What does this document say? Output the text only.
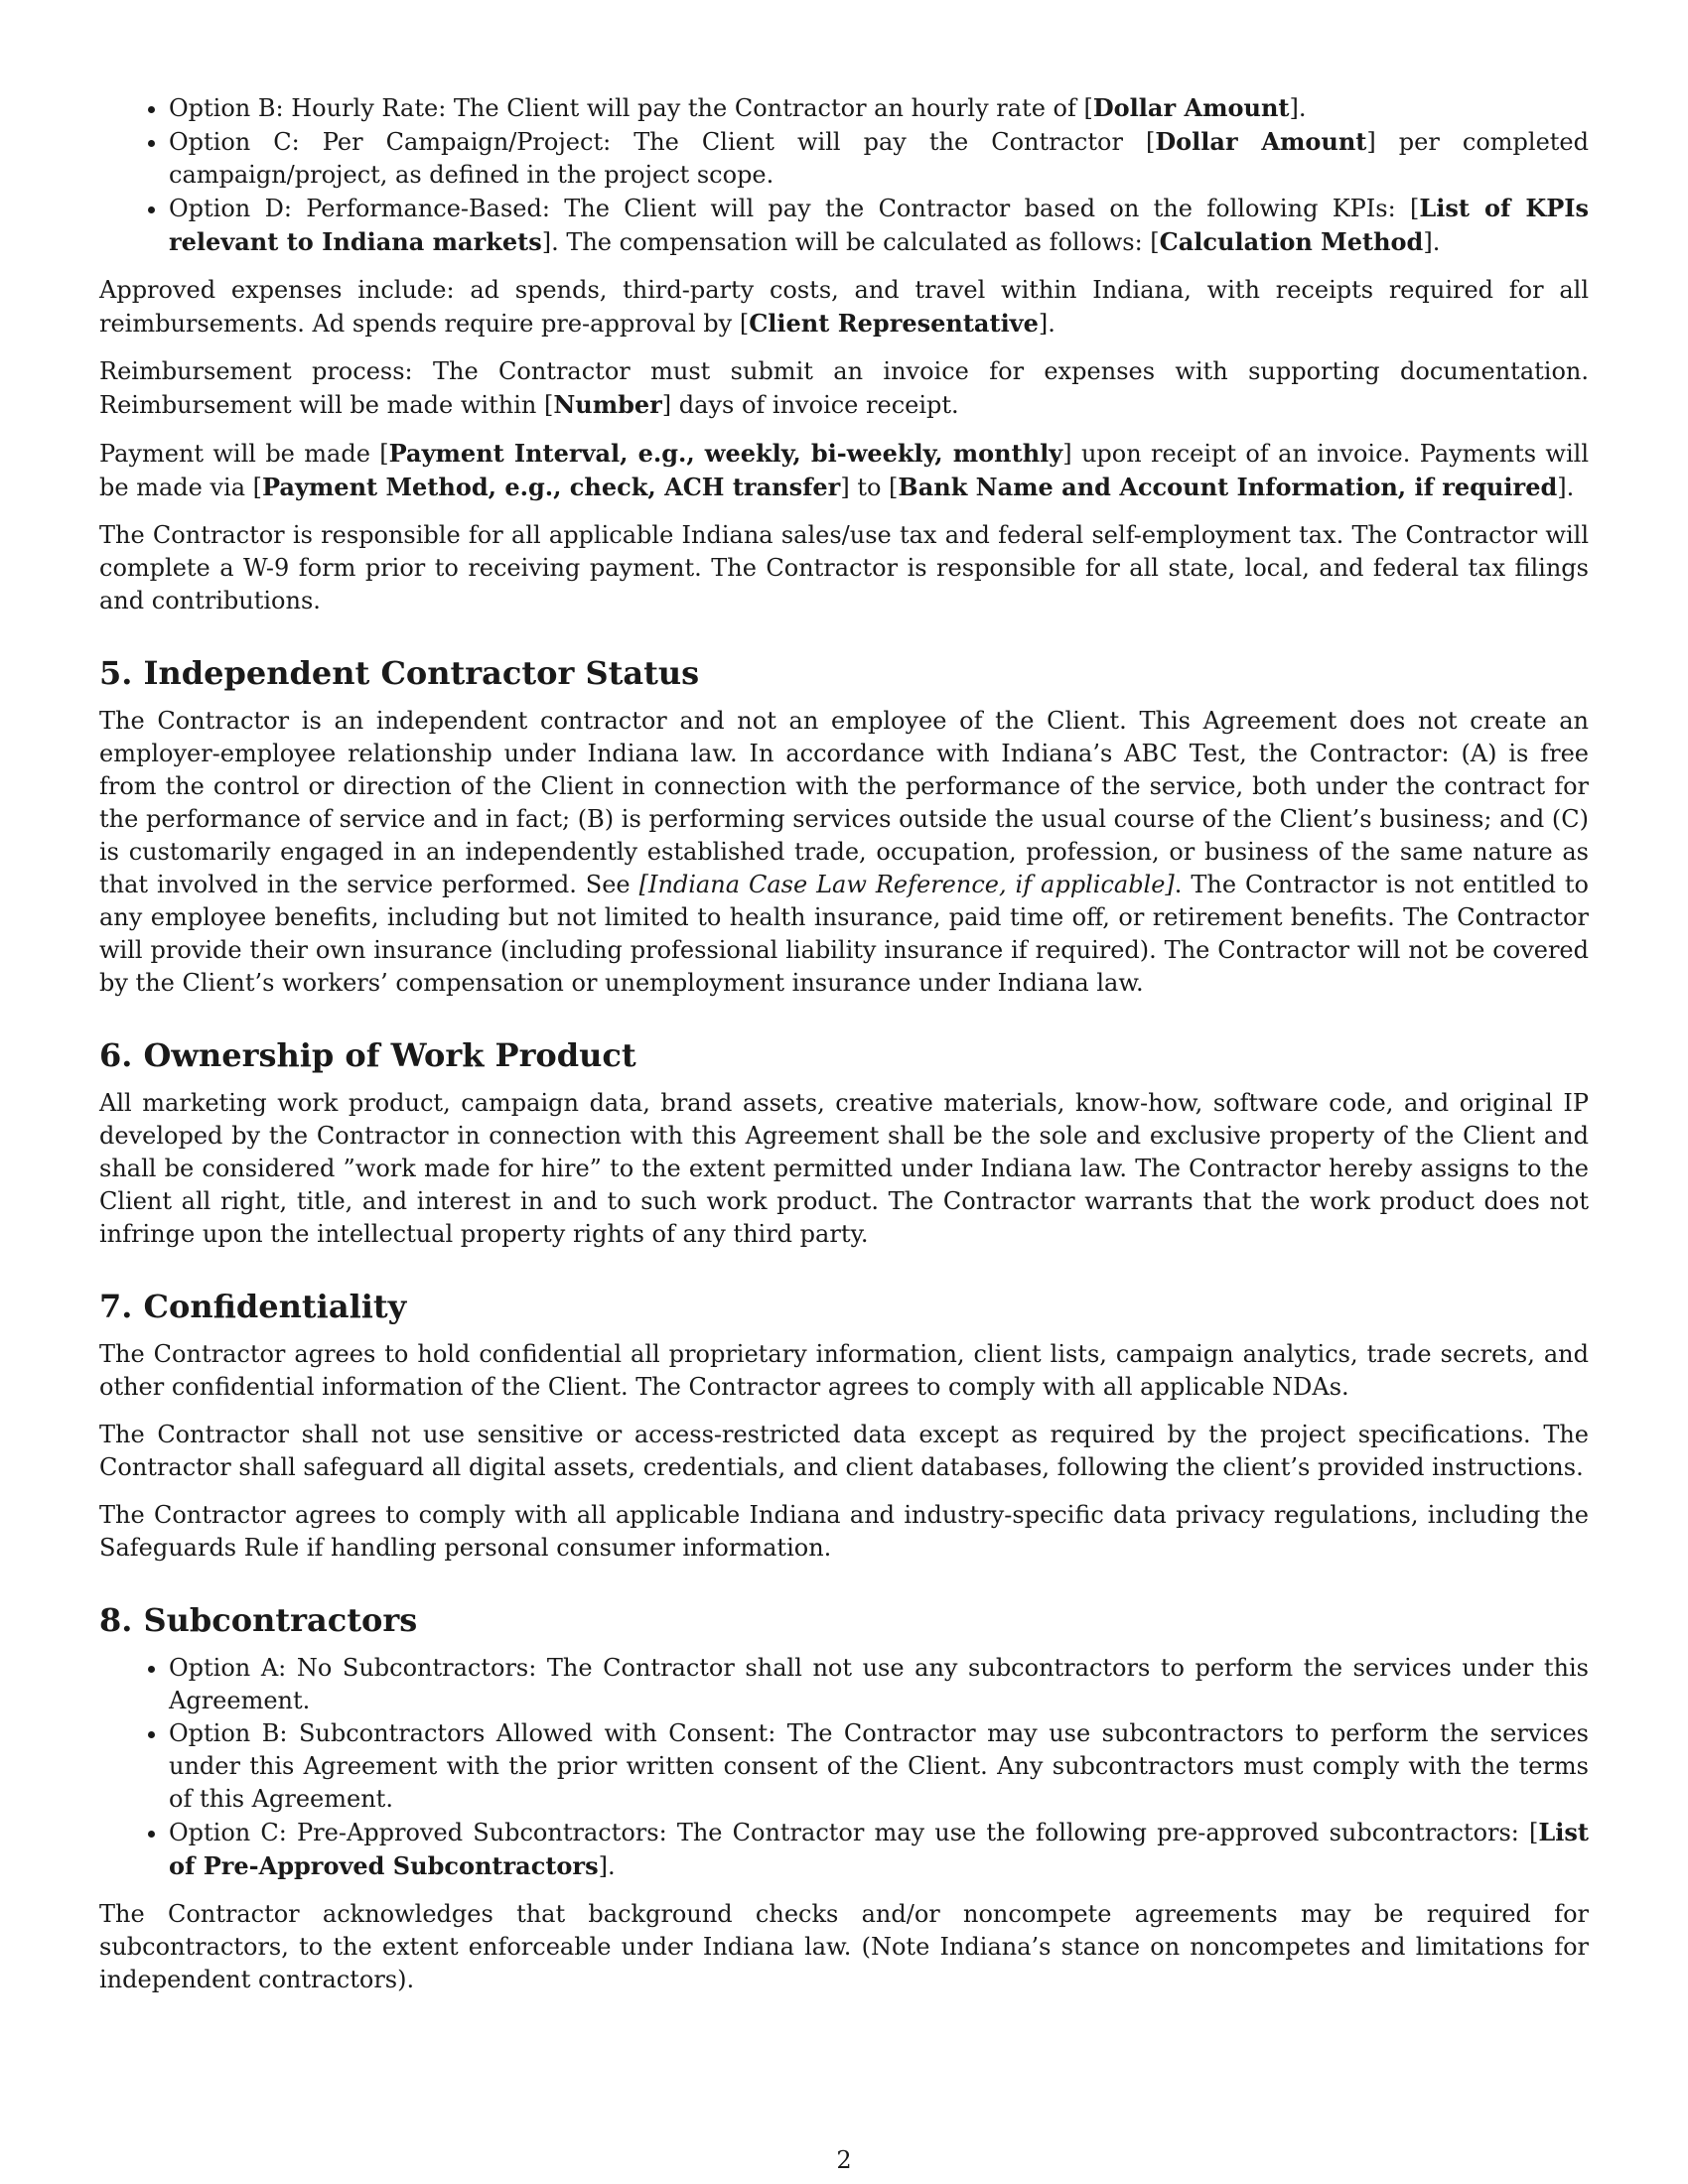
• Option B: Hourly Rate: The Client will pay the Contractor an hourly rate of [Dollar Amount].
• Option C: Per Campaign/Project: The Client will pay the Contractor [Dollar Amount] per completed campaign/project, as defined in the project scope.
• Option D: Performance-Based: The Client will pay the Contractor based on the following KPIs: [List of KPIs relevant to Indiana markets]. The compensation will be calculated as follows: [Calculation Method].

Approved expenses include: ad spends, third-party costs, and travel within Indiana, with receipts required for all reimbursements. Ad spends require pre-approval by [Client Representative].

Reimbursement process: The Contractor must submit an invoice for expenses with supporting documentation. Reimbursement will be made within [Number] days of invoice receipt.

Payment will be made [Payment Interval, e.g., weekly, bi-weekly, monthly] upon receipt of an invoice. Payments will be made via [Payment Method, e.g., check, ACH transfer] to [Bank Name and Account Information, if required].

The Contractor is responsible for all applicable Indiana sales/use tax and federal self-employment tax. The Contractor will complete a W-9 form prior to receiving payment. The Contractor is responsible for all state, local, and federal tax filings and contributions.

5. Independent Contractor Status

The Contractor is an independent contractor and not an employee of the Client. This Agreement does not create an employer-employee relationship under Indiana law. In accordance with Indiana’s ABC Test, the Contractor: (A) is free from the control or direction of the Client in connection with the performance of the service, both under the contract for the performance of service and in fact; (B) is performing services outside the usual course of the Client’s business; and (C) is customarily engaged in an independently established trade, occupation, profession, or business of the same nature as that involved in the service performed. See [Indiana Case Law Reference, if applicable]. The Contractor is not entitled to any employee benefits, including but not limited to health insurance, paid time off, or retirement benefits. The Contractor will provide their own insurance (including professional liability insurance if required). The Contractor will not be covered by the Client’s workers’ compensation or unemployment insurance under Indiana law.

6. Ownership of Work Product

All marketing work product, campaign data, brand assets, creative materials, know-how, software code, and original IP developed by the Contractor in connection with this Agreement shall be the sole and exclusive property of the Client and shall be considered ”work made for hire” to the extent permitted under Indiana law. The Contractor hereby assigns to the Client all right, title, and interest in and to such work product. The Contractor warrants that the work product does not infringe upon the intellectual property rights of any third party.

7. Confidentiality

The Contractor agrees to hold confidential all proprietary information, client lists, campaign analytics, trade secrets, and other confidential information of the Client. The Contractor agrees to comply with all applicable NDAs.

The Contractor shall not use sensitive or access-restricted data except as required by the project specifications. The Contractor shall safeguard all digital assets, credentials, and client databases, following the client’s provided instructions.

The Contractor agrees to comply with all applicable Indiana and industry-specific data privacy regulations, including the Safeguards Rule if handling personal consumer information.

8. Subcontractors
• Option A: No Subcontractors: The Contractor shall not use any subcontractors to perform the services under this Agreement.
• Option B: Subcontractors Allowed with Consent: The Contractor may use subcontractors to perform the services under this Agreement with the prior written consent of the Client. Any subcontractors must comply with the terms of this Agreement.
• Option C: Pre-Approved Subcontractors: The Contractor may use the following pre-approved subcontractors: [List of Pre-Approved Subcontractors].

The Contractor acknowledges that background checks and/or noncompete agreements may be required for subcontractors, to the extent enforceable under Indiana law. (Note Indiana’s stance on noncompetes and limitations for independent contractors).

2
